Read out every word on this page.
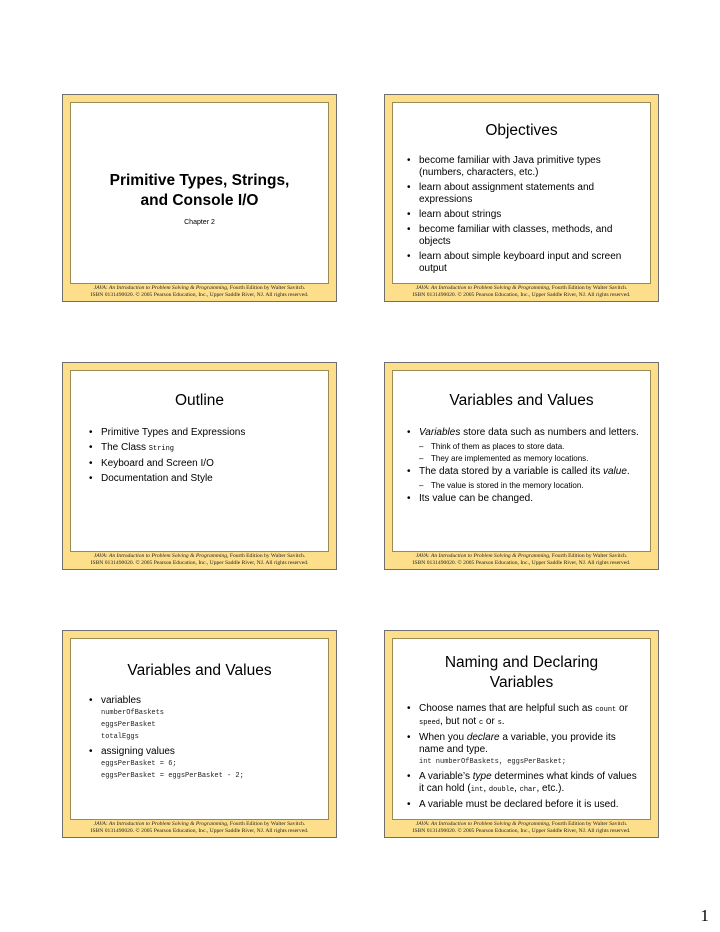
Primitive Types, Strings,
and Console I/O
Chapter 2
JAVA: An Introduction to Problem Solving & Programming, Fourth Edition by Walter Savitch.
ISBN 0131490020. © 2005 Pearson Education, Inc., Upper Saddle River, NJ. All rights reserved.
Objectives
• become familiar with Java primitive types (numbers, characters, etc.)
• learn about assignment statements and expressions
• learn about strings
• become familiar with classes, methods, and objects
• learn about simple keyboard input and screen output
JAVA: An Introduction to Problem Solving & Programming, Fourth Edition by Walter Savitch.
ISBN 0131490020. © 2005 Pearson Education, Inc., Upper Saddle River, NJ. All rights reserved.
Outline
• Primitive Types and Expressions
• The Class String
• Keyboard and Screen I/O
• Documentation and Style
JAVA: An Introduction to Problem Solving & Programming, Fourth Edition by Walter Savitch.
ISBN 0131490020. © 2005 Pearson Education, Inc., Upper Saddle River, NJ. All rights reserved.
Variables and Values
• Variables store data such as numbers and letters.
– Think of them as places to store data.
– They are implemented as memory locations.
• The data stored by a variable is called its value.
– The value is stored in the memory location.
• Its value can be changed.
JAVA: An Introduction to Problem Solving & Programming, Fourth Edition by Walter Savitch.
ISBN 0131490020. © 2005 Pearson Education, Inc., Upper Saddle River, NJ. All rights reserved.
Variables and Values
• variables
numberOfBaskets
eggsPerBasket
totalEggs
• assigning values
eggsPerBasket = 6;
eggsPerBasket = eggsPerBasket - 2;
JAVA: An Introduction to Problem Solving & Programming, Fourth Edition by Walter Savitch.
ISBN 0131490020. © 2005 Pearson Education, Inc., Upper Saddle River, NJ. All rights reserved.
Naming and Declaring
Variables
• Choose names that are helpful such as count or speed, but not c or s.
• When you declare a variable, you provide its name and type.
int numberOfBaskets, eggsPerBasket;
• A variable’s type determines what kinds of values it can hold (int, double, char, etc.).
• A variable must be declared before it is used.
JAVA: An Introduction to Problem Solving & Programming, Fourth Edition by Walter Savitch.
ISBN 0131490020. © 2005 Pearson Education, Inc., Upper Saddle River, NJ. All rights reserved.
1
